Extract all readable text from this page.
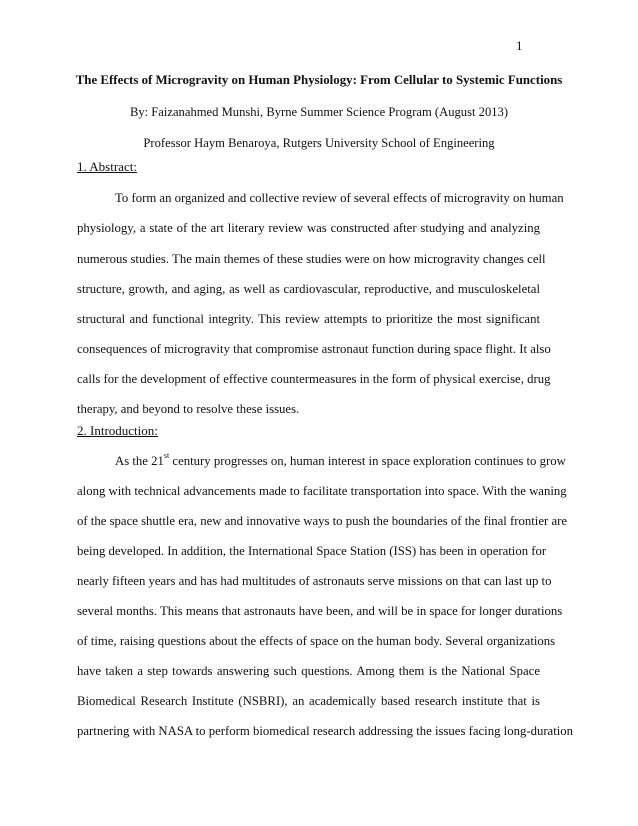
1
The Effects of Microgravity on Human Physiology: From Cellular to Systemic Functions
By: Faizanahmed Munshi, Byrne Summer Science Program (August 2013)
Professor Haym Benaroya, Rutgers University School of Engineering
1. Abstract:
To form an organized and collective review of several effects of microgravity on human
physiology, a state of the art literary review was constructed after studying and analyzing
numerous studies. The main themes of these studies were on how microgravity changes cell
structure, growth, and aging, as well as cardiovascular, reproductive, and musculoskeletal
structural and functional integrity. This review attempts to prioritize the most significant
consequences of microgravity that compromise astronaut function during space flight. It also
calls for the development of effective countermeasures in the form of physical exercise, drug
therapy, and beyond to resolve these issues.
2. Introduction:
As the 21st century progresses on, human interest in space exploration continues to grow
along with technical advancements made to facilitate transportation into space. With the waning
of the space shuttle era, new and innovative ways to push the boundaries of the final frontier are
being developed. In addition, the International Space Station (ISS) has been in operation for
nearly fifteen years and has had multitudes of astronauts serve missions on that can last up to
several months. This means that astronauts have been, and will be in space for longer durations
of time, raising questions about the effects of space on the human body. Several organizations
have taken a step towards answering such questions. Among them is the National Space
Biomedical Research Institute (NSBRI), an academically based research institute that is
partnering with NASA to perform biomedical research addressing the issues facing long-duration
